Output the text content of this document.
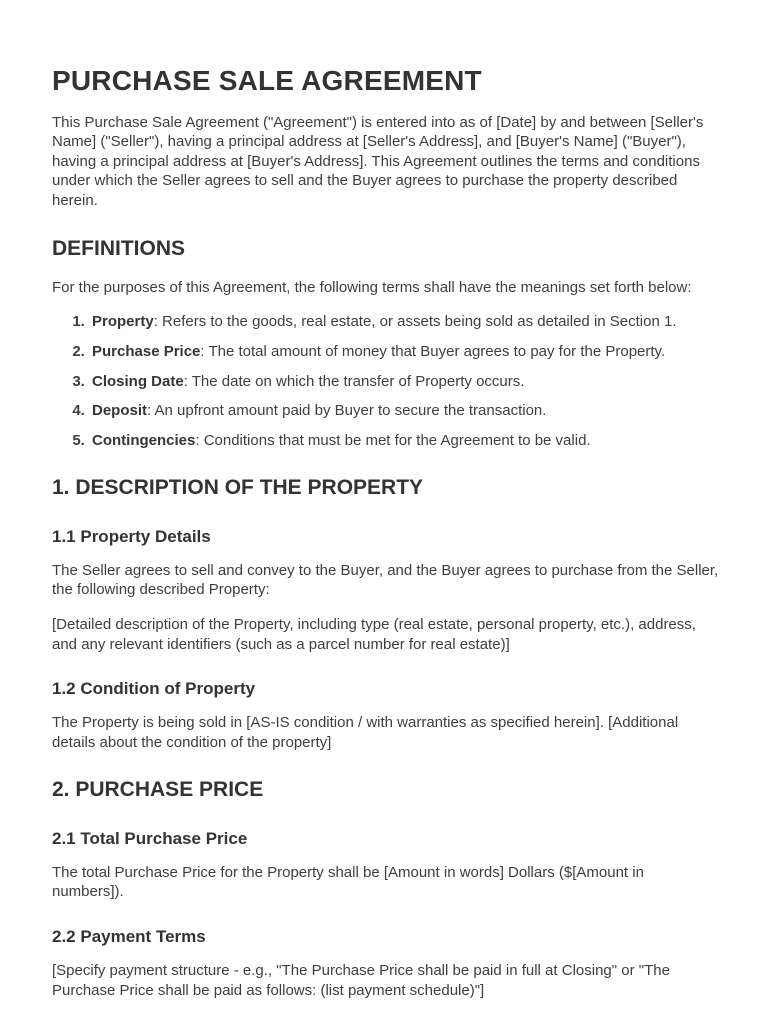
PURCHASE SALE AGREEMENT

This Purchase Sale Agreement ("Agreement") is entered into as of [Date] by and between [Seller's Name] ("Seller"), having a principal address at [Seller's Address], and [Buyer's Name] ("Buyer"), having a principal address at [Buyer's Address]. This Agreement outlines the terms and conditions under which the Seller agrees to sell and the Buyer agrees to purchase the property described herein.

DEFINITIONS

For the purposes of this Agreement, the following terms shall have the meanings set forth below:

1. Property: Refers to the goods, real estate, or assets being sold as detailed in Section 1.
2. Purchase Price: The total amount of money that Buyer agrees to pay for the Property.
3. Closing Date: The date on which the transfer of Property occurs.
4. Deposit: An upfront amount paid by Buyer to secure the transaction.
5. Contingencies: Conditions that must be met for the Agreement to be valid.
1. DESCRIPTION OF THE PROPERTY
1.1 Property Details

The Seller agrees to sell and convey to the Buyer, and the Buyer agrees to purchase from the Seller, the following described Property:

[Detailed description of the Property, including type (real estate, personal property, etc.), address, and any relevant identifiers (such as a parcel number for real estate)]

1.2 Condition of Property

The Property is being sold in [AS-IS condition / with warranties as specified herein]. [Additional details about the condition of the property]

2. PURCHASE PRICE
2.1 Total Purchase Price

The total Purchase Price for the Property shall be [Amount in words] Dollars ($[Amount in numbers]).

2.2 Payment Terms

[Specify payment structure - e.g., "The Purchase Price shall be paid in full at Closing" or "The Purchase Price shall be paid as follows: (list payment schedule)"]
